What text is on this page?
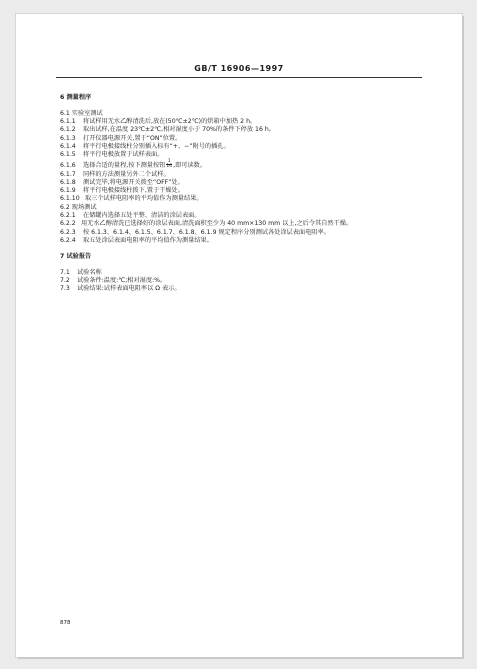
GB/T 16906—1997
6 测量程序
6.1 实验室测试
6.1.1 将试样用无水乙醇清洗后,放在(50℃±2℃)的烘箱中加热 2 h。
6.1.2 取出试样,在温度 23℃±2℃,相对湿度小于 70%的条件下停放 16 h。
6.1.3 打开仪器电源开关,置于“ON”位置。
6.1.4 将平行电极接线柱分别插入标有“+、−”附号的插孔。
6.1.5 将平行电极放置于试样表面。
6.1.6 选择合适的量程,按下测量按钮 $\frac{1}{10}$ ,即可读数。
6.1.7 同样的方法测量另外二个试样。
6.1.8 测试完毕,将电源开关拨至“OFF”处。
6.1.9 将平行电极接线柱拨下,置于干燥处。
6.1.10 取三个试样电阻率的平均值作为测量结果。
6.2 现场测试
6.2.1 在储罐内选择五处平整、清洁的涂层表面。
6.2.2 用无水乙醇清洗已选择好的涂层表面,清洗面积至少为 40 mm×130 mm 以上,之后令其自然干燥。
6.2.3 按 6.1.3、6.1.4、6.1.5、6.1.7、6.1.8、6.1.9 规定程序分别测试各处涂层表面电阻率。
6.2.4 取五处涂层表面电阻率的平均值作为测量结果。
7 试验报告
7.1 试验名称
7.2 试验条件:温度:℃;相对湿度:%。
7.3 试验结果:试样表面电阻率以 Ω 表示。
878
